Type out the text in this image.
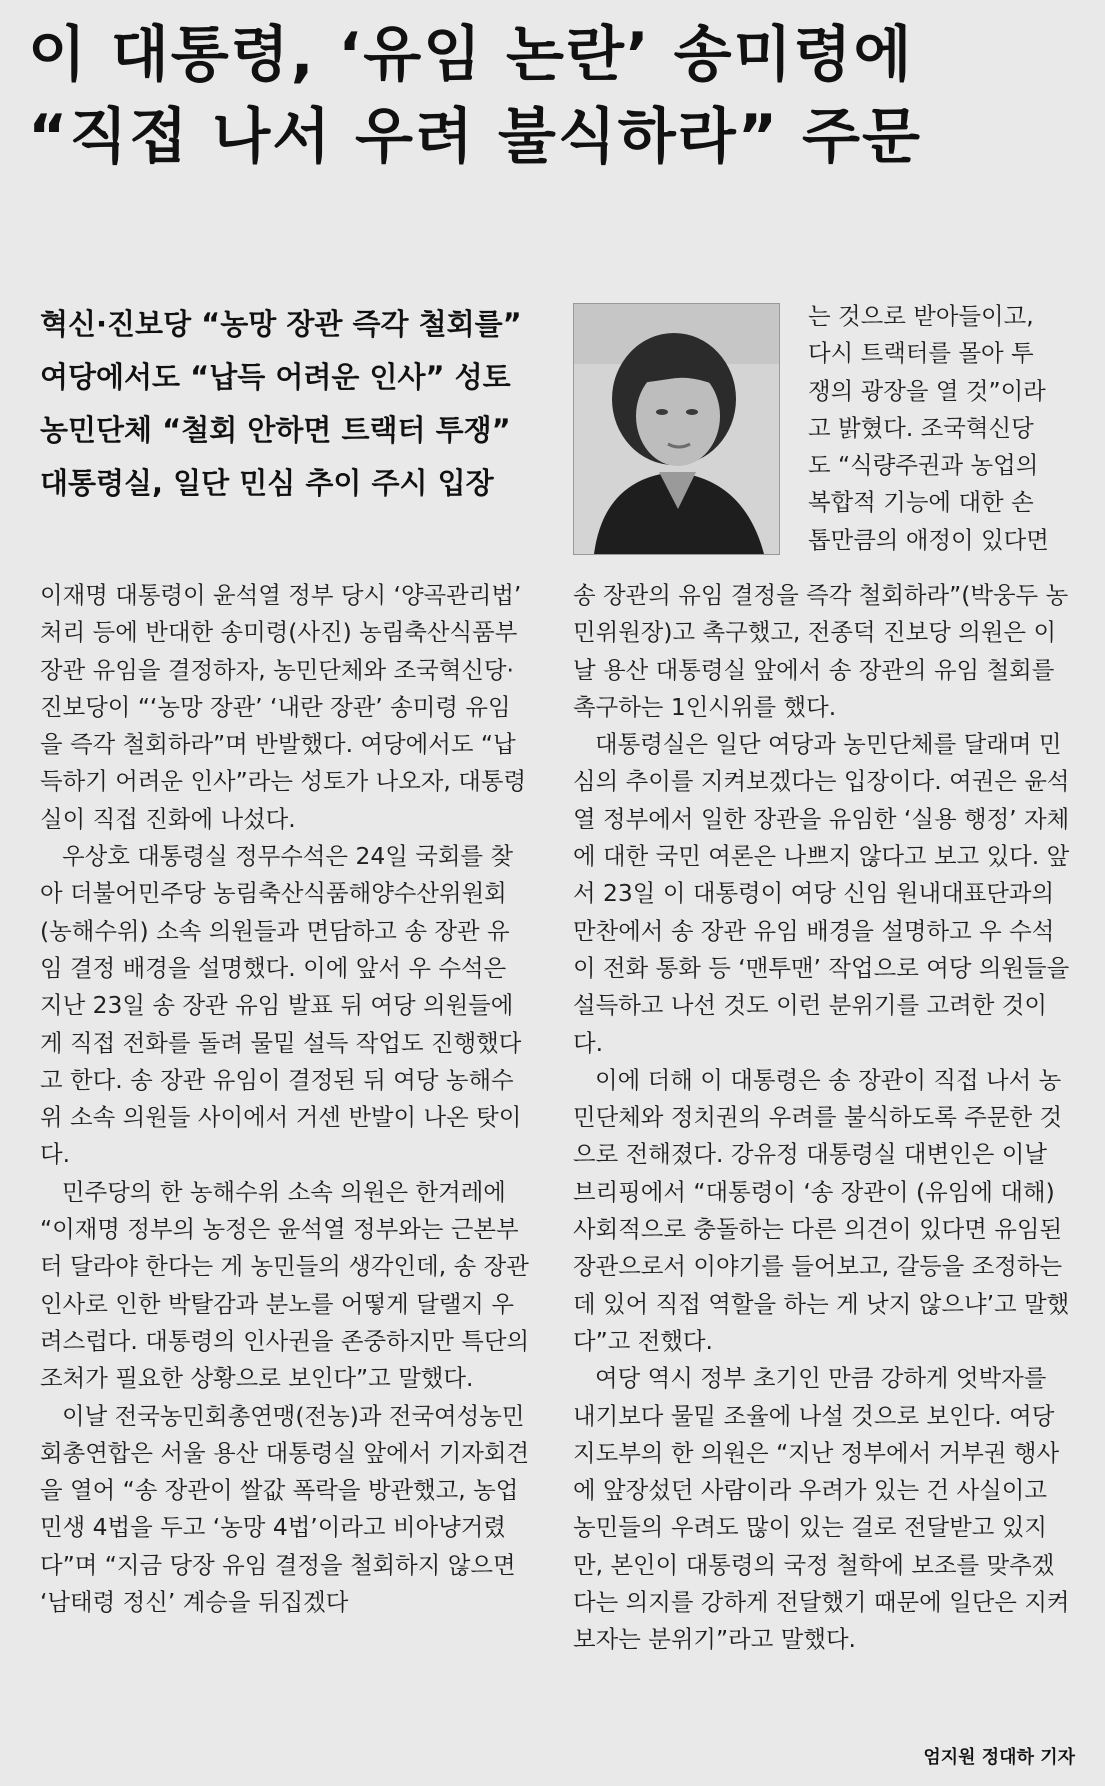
이 대통령, ‘유임 논란’ 송미령에
“직접 나서 우려 불식하라” 주문
혁신·진보당 “농망 장관 즉각 철회를”
여당에서도 “납득 어려운 인사” 성토
농민단체 “철회 안하면 트랙터 투쟁”
대통령실, 일단 민심 추이 주시 입장
는 것으로 받아들이고,
다시 트랙터를 몰아 투
쟁의 광장을 열 것”이라
고 밝혔다. 조국혁신당
도 “식량주권과 농업의
복합적 기능에 대한 손
톱만큼의 애정이 있다면

이재명 대통령이 윤석열 정부 당시 ‘양곡관리법’ 처리 등에 반대한 송미령(사진) 농림축산식품부 장관 유임을 결정하자, 농민단체와 조국혁신당·진보당이 “‘농망 장관’ ‘내란 장관’ 송미령 유임을 즉각 철회하라”며 반발했다. 여당에서도 “납득하기 어려운 인사”라는 성토가 나오자, 대통령실이 직접 진화에 나섰다.

우상호 대통령실 정무수석은 24일 국회를 찾아 더불어민주당 농림축산식품해양수산위원회(농해수위) 소속 의원들과 면담하고 송 장관 유임 결정 배경을 설명했다. 이에 앞서 우 수석은 지난 23일 송 장관 유임 발표 뒤 여당 의원들에게 직접 전화를 돌려 물밑 설득 작업도 진행했다고 한다. 송 장관 유임이 결정된 뒤 여당 농해수위 소속 의원들 사이에서 거센 반발이 나온 탓이다.

민주당의 한 농해수위 소속 의원은 한겨레에 “이재명 정부의 농정은 윤석열 정부와는 근본부터 달라야 한다는 게 농민들의 생각인데, 송 장관 인사로 인한 박탈감과 분노를 어떻게 달랠지 우려스럽다. 대통령의 인사권을 존중하지만 특단의 조처가 필요한 상황으로 보인다”고 말했다.

이날 전국농민회총연맹(전농)과 전국여성농민회총연합은 서울 용산 대통령실 앞에서 기자회견을 열어 “송 장관이 쌀값 폭락을 방관했고, 농업 민생 4법을 두고 ‘농망 4법’이라고 비아냥거렸다”며 “지금 당장 유임 결정을 철회하지 않으면 ‘남태령 정신’ 계승을 뒤집겠다

송 장관의 유임 결정을 즉각 철회하라”(박웅두 농민위원장)고 촉구했고, 전종덕 진보당 의원은 이날 용산 대통령실 앞에서 송 장관의 유임 철회를 촉구하는 1인시위를 했다.

대통령실은 일단 여당과 농민단체를 달래며 민심의 추이를 지켜보겠다는 입장이다. 여권은 윤석열 정부에서 일한 장관을 유임한 ‘실용 행정’ 자체에 대한 국민 여론은 나쁘지 않다고 보고 있다. 앞서 23일 이 대통령이 여당 신임 원내대표단과의 만찬에서 송 장관 유임 배경을 설명하고 우 수석이 전화 통화 등 ‘맨투맨’ 작업으로 여당 의원들을 설득하고 나선 것도 이런 분위기를 고려한 것이다.

이에 더해 이 대통령은 송 장관이 직접 나서 농민단체와 정치권의 우려를 불식하도록 주문한 것으로 전해졌다. 강유정 대통령실 대변인은 이날 브리핑에서 “대통령이 ‘송 장관이 (유임에 대해) 사회적으로 충돌하는 다른 의견이 있다면 유임된 장관으로서 이야기를 들어보고, 갈등을 조정하는 데 있어 직접 역할을 하는 게 낫지 않으냐’고 말했다”고 전했다.

여당 역시 정부 초기인 만큼 강하게 엇박자를 내기보다 물밑 조율에 나설 것으로 보인다. 여당 지도부의 한 의원은 “지난 정부에서 거부권 행사에 앞장섰던 사람이라 우려가 있는 건 사실이고 농민들의 우려도 많이 있는 걸로 전달받고 있지만, 본인이 대통령의 국정 철학에 보조를 맞추겠다는 의지를 강하게 전달했기 때문에 일단은 지켜보자는 분위기”라고 말했다.

엄지원 정대하 기자
